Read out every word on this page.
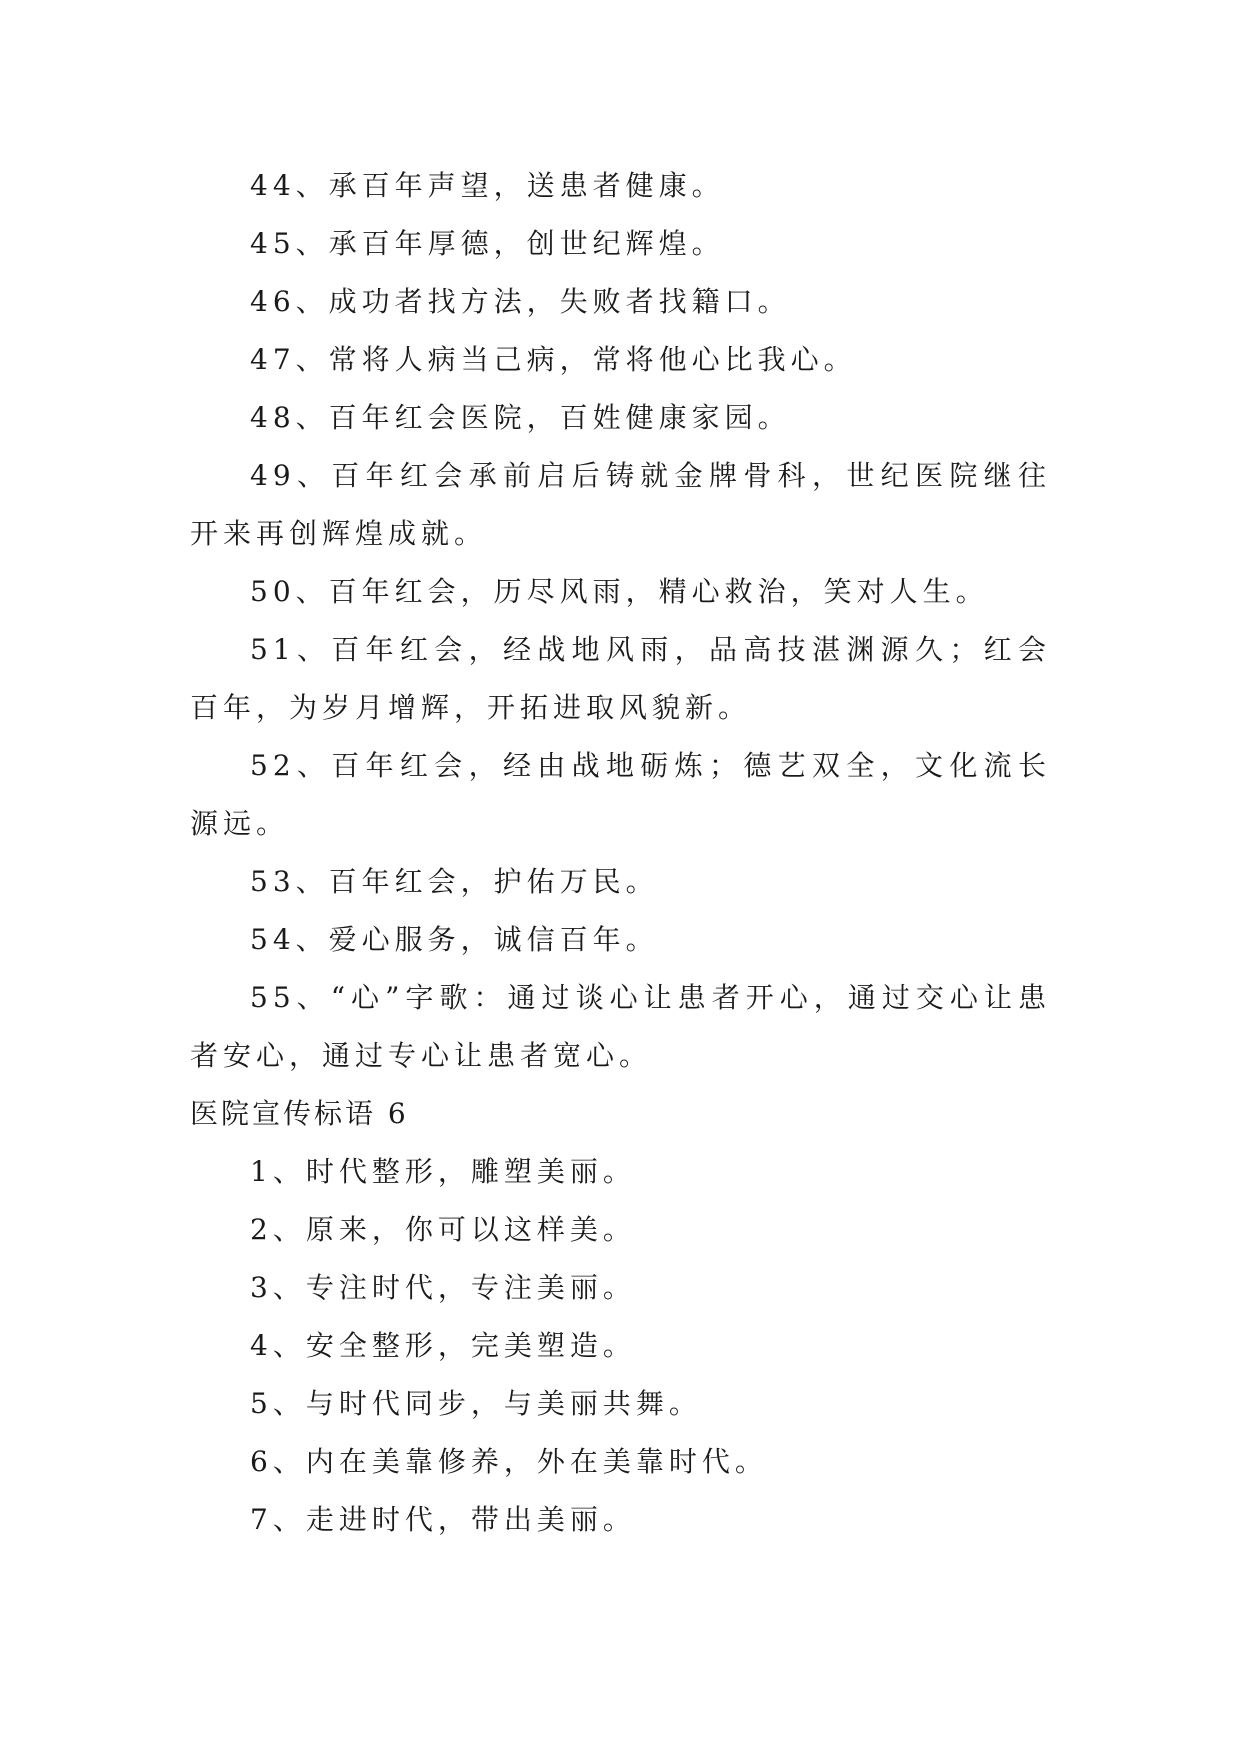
44、承百年声望，送患者健康。

45、承百年厚德，创世纪辉煌。

46、成功者找方法，失败者找籍口。

47、常将人病当己病，常将他心比我心。

48、百年红会医院，百姓健康家园。

49、百年红会承前启后铸就金牌骨科，世纪医院继往开来再创辉煌成就。

50、百年红会，历尽风雨，精心救治，笑对人生。

51、百年红会，经战地风雨，品高技湛渊源久；红会百年，为岁月增辉，开拓进取风貌新。

52、百年红会，经由战地砺炼；德艺双全，文化流长源远。

53、百年红会，护佑万民。

54、爱心服务，诚信百年。

55、“心”字歌：通过谈心让患者开心，通过交心让患者安心，通过专心让患者宽心。

医院宣传标语 6

1、时代整形，雕塑美丽。

2、原来，你可以这样美。

3、专注时代，专注美丽。

4、安全整形，完美塑造。

5、与时代同步，与美丽共舞。

6、内在美靠修养，外在美靠时代。

7、走进时代，带出美丽。
